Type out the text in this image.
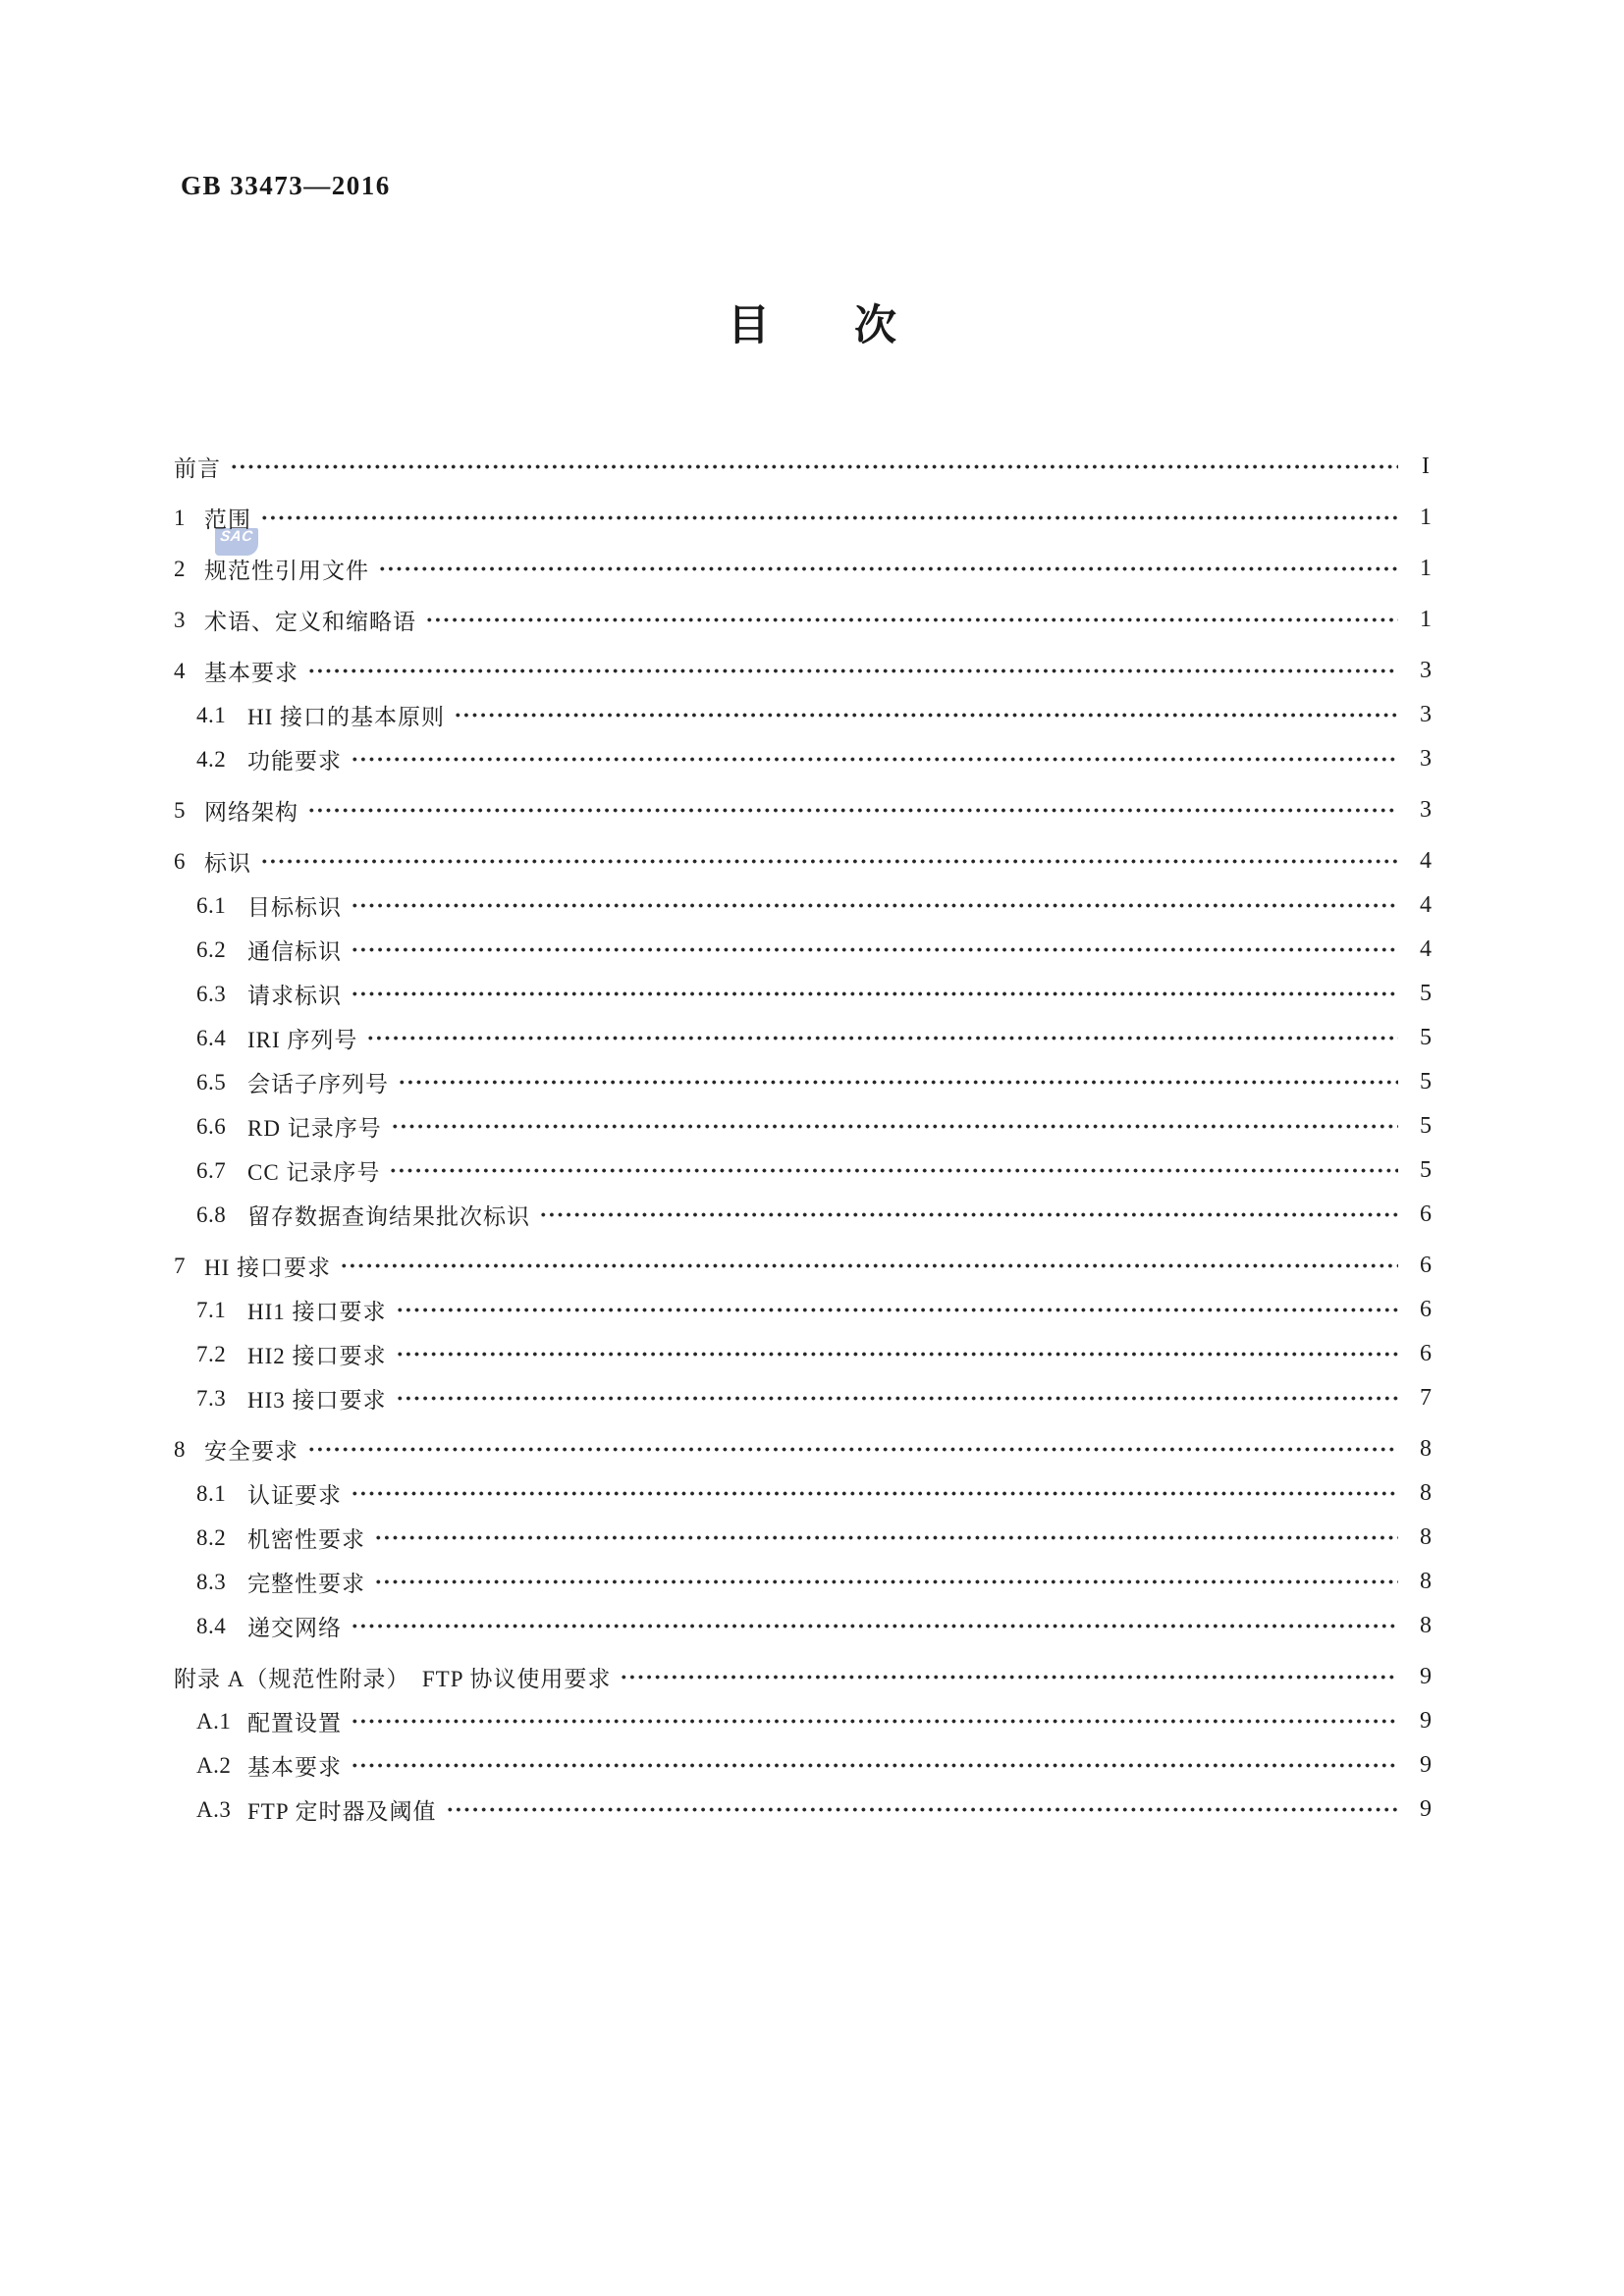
GB 33473—2016
目　　次
SAC
前言	I
1 范围	1
2 规范性引用文件	1
3 术语、定义和缩略语	1
4 基本要求	3
4.1 HI 接口的基本原则	3
4.2 功能要求	3
5 网络架构	3
6 标识	4
6.1 目标标识	4
6.2 通信标识	4
6.3 请求标识	5
6.4 IRI 序列号	5
6.5 会话子序列号	5
6.6 RD 记录序号	5
6.7 CC 记录序号	5
6.8 留存数据查询结果批次标识	6
7 HI 接口要求	6
7.1 HI1 接口要求	6
7.2 HI2 接口要求	6
7.3 HI3 接口要求	7
8 安全要求	8
8.1 认证要求	8
8.2 机密性要求	8
8.3 完整性要求	8
8.4 递交网络	8
附录 A（规范性附录）　FTP 协议使用要求	9
A.1 配置设置	9
A.2 基本要求	9
A.3 FTP 定时器及阈值	9
